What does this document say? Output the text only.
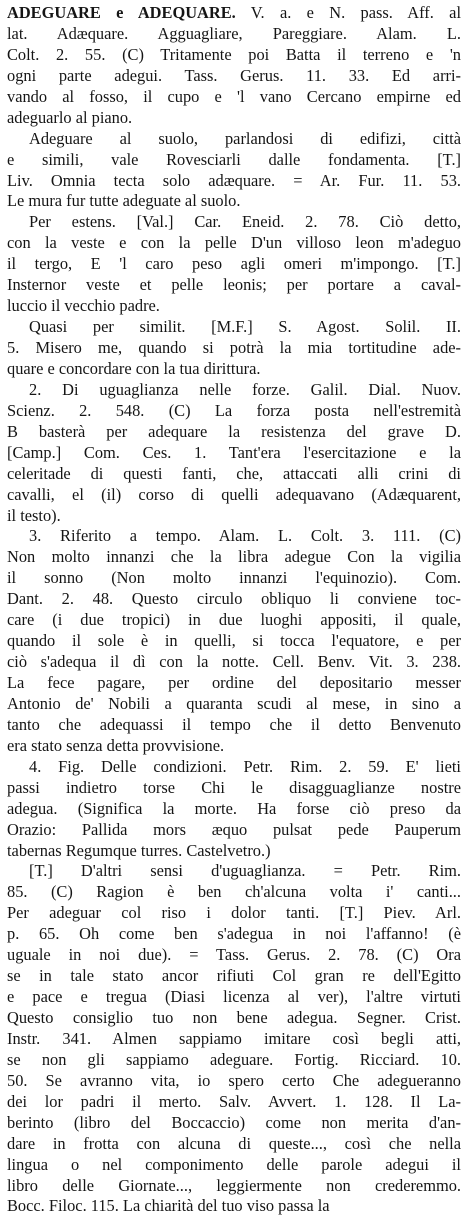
ADEGUARE e ADEQUARE. V. a. e N. pass. Aff. al
lat. Adæquare. Agguagliare, Pareggiare. Alam. L.
Colt. 2. 55. (C) Tritamente poi Batta il terreno e 'n
ogni parte adegui. Tass. Gerus. 11. 33. Ed arri-
vando al fosso, il cupo e 'l vano Cercano empirne ed
adeguarlo al piano.
Adeguare al suolo, parlandosi di edifizi, città
e simili, vale Rovesciarli dalle fondamenta. [T.]
Liv. Omnia tecta solo adæquare. = Ar. Fur. 11. 53.
Le mura fur tutte adeguate al suolo.
Per estens. [Val.] Car. Eneid. 2. 78. Ciò detto,
con la veste e con la pelle D'un villoso leon m'adeguo
il tergo, E 'l caro peso agli omeri m'impongo. [T.]
Insternor veste et pelle leonis; per portare a caval-
luccio il vecchio padre.
Quasi per similit. [M.F.] S. Agost. Solil. II.
5. Misero me, quando si potrà la mia tortitudine ade-
quare e concordare con la tua dirittura.
2. Di uguaglianza nelle forze. Galil. Dial. Nuov.
Scienz. 2. 548. (C) La forza posta nell'estremità
B basterà per adequare la resistenza del grave D.
[Camp.] Com. Ces. 1. Tant'era l'esercitazione e la
celeritade di questi fanti, che, attaccati alli crini di
cavalli, el (il) corso di quelli adequavano (Adæquarent,
il testo).
3. Riferito a tempo. Alam. L. Colt. 3. 111. (C)
Non molto innanzi che la libra adegue Con la vigilia
il sonno (Non molto innanzi l'equinozio). Com.
Dant. 2. 48. Questo circulo obliquo li conviene toc-
care (i due tropici) in due luoghi appositi, il quale,
quando il sole è in quelli, si tocca l'equatore, e per
ciò s'adequa il dì con la notte. Cell. Benv. Vit. 3. 238.
La fece pagare, per ordine del depositario messer
Antonio de' Nobili a quaranta scudi al mese, in sino a
tanto che adequassi il tempo che il detto Benvenuto
era stato senza detta provvisione.
4. Fig. Delle condizioni. Petr. Rim. 2. 59. E' lieti
passi indietro torse Chi le disagguaglianze nostre
adegua. (Significa la morte. Ha forse ciò preso da
Orazio: Pallida mors æquo pulsat pede Pauperum
tabernas Regumque turres. Castelvetro.)
[T.] D'altri sensi d'uguaglianza. = Petr. Rim.
85. (C) Ragion è ben ch'alcuna volta i' canti...
Per adeguar col riso i dolor tanti. [T.] Piev. Arl.
p. 65. Oh come ben s'adegua in noi l'affanno! (è
uguale in noi due). = Tass. Gerus. 2. 78. (C) Ora
se in tale stato ancor rifiuti Col gran re dell'Egitto
e pace e tregua (Diasi licenza al ver), l'altre virtuti
Questo consiglio tuo non bene adegua. Segner. Crist.
Instr. 341. Almen sappiamo imitare così begli atti,
se non gli sappiamo adeguare. Fortig. Ricciard. 10.
50. Se avranno vita, io spero certo Che adegueranno
dei lor padri il merto. Salv. Avvert. 1. 128. Il La-
berinto (libro del Boccaccio) come non merita d'an-
dare in frotta con alcuna di queste..., così che nella
lingua o nel componimento delle parole adegui il
libro delle Giornate..., leggiermente non crederemmo.
Bocc. Filoc. 115. La chiarità del tuo viso passa la
